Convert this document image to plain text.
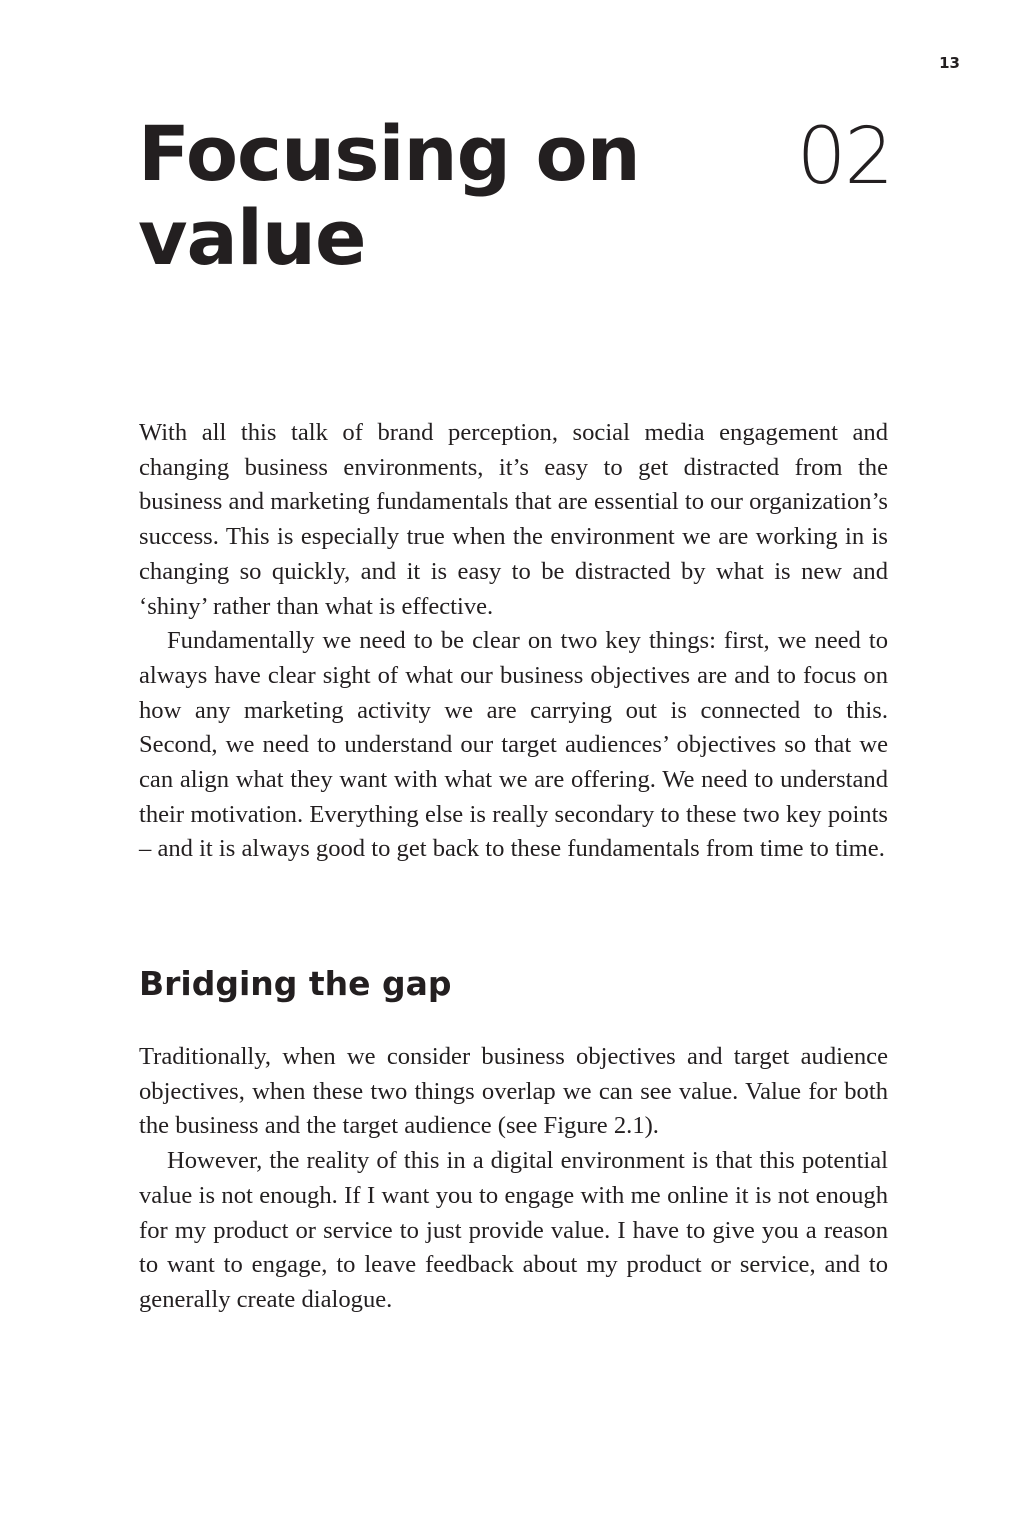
13
Focusing on
value
02

With all this talk of brand perception, social media engagement and changing business environments, it’s easy to get distracted from the business and marketing fundamentals that are essential to our organization’s success. This is especially true when the environment we are working in is changing so quickly, and it is easy to be distracted by what is new and ‘shiny’ rather than what is effective.

Fundamentally we need to be clear on two key things: first, we need to always have clear sight of what our business objectives are and to focus on how any marketing activity we are carrying out is connected to this. Second, we need to understand our target audiences’ objectives so that we can align what they want with what we are offering. We need to understand their motivation. Everything else is really secondary to these two key points – and it is always good to get back to these fundamentals from time to time.

Bridging the gap

Traditionally, when we consider business objectives and target audience objectives, when these two things overlap we can see value. Value for both the business and the target audience (see Figure 2.1).

However, the reality of this in a digital environment is that this potential value is not enough. If I want you to engage with me online it is not enough for my product or service to just provide value. I have to give you a reason to want to engage, to leave feedback about my product or service, and to generally create dialogue.
